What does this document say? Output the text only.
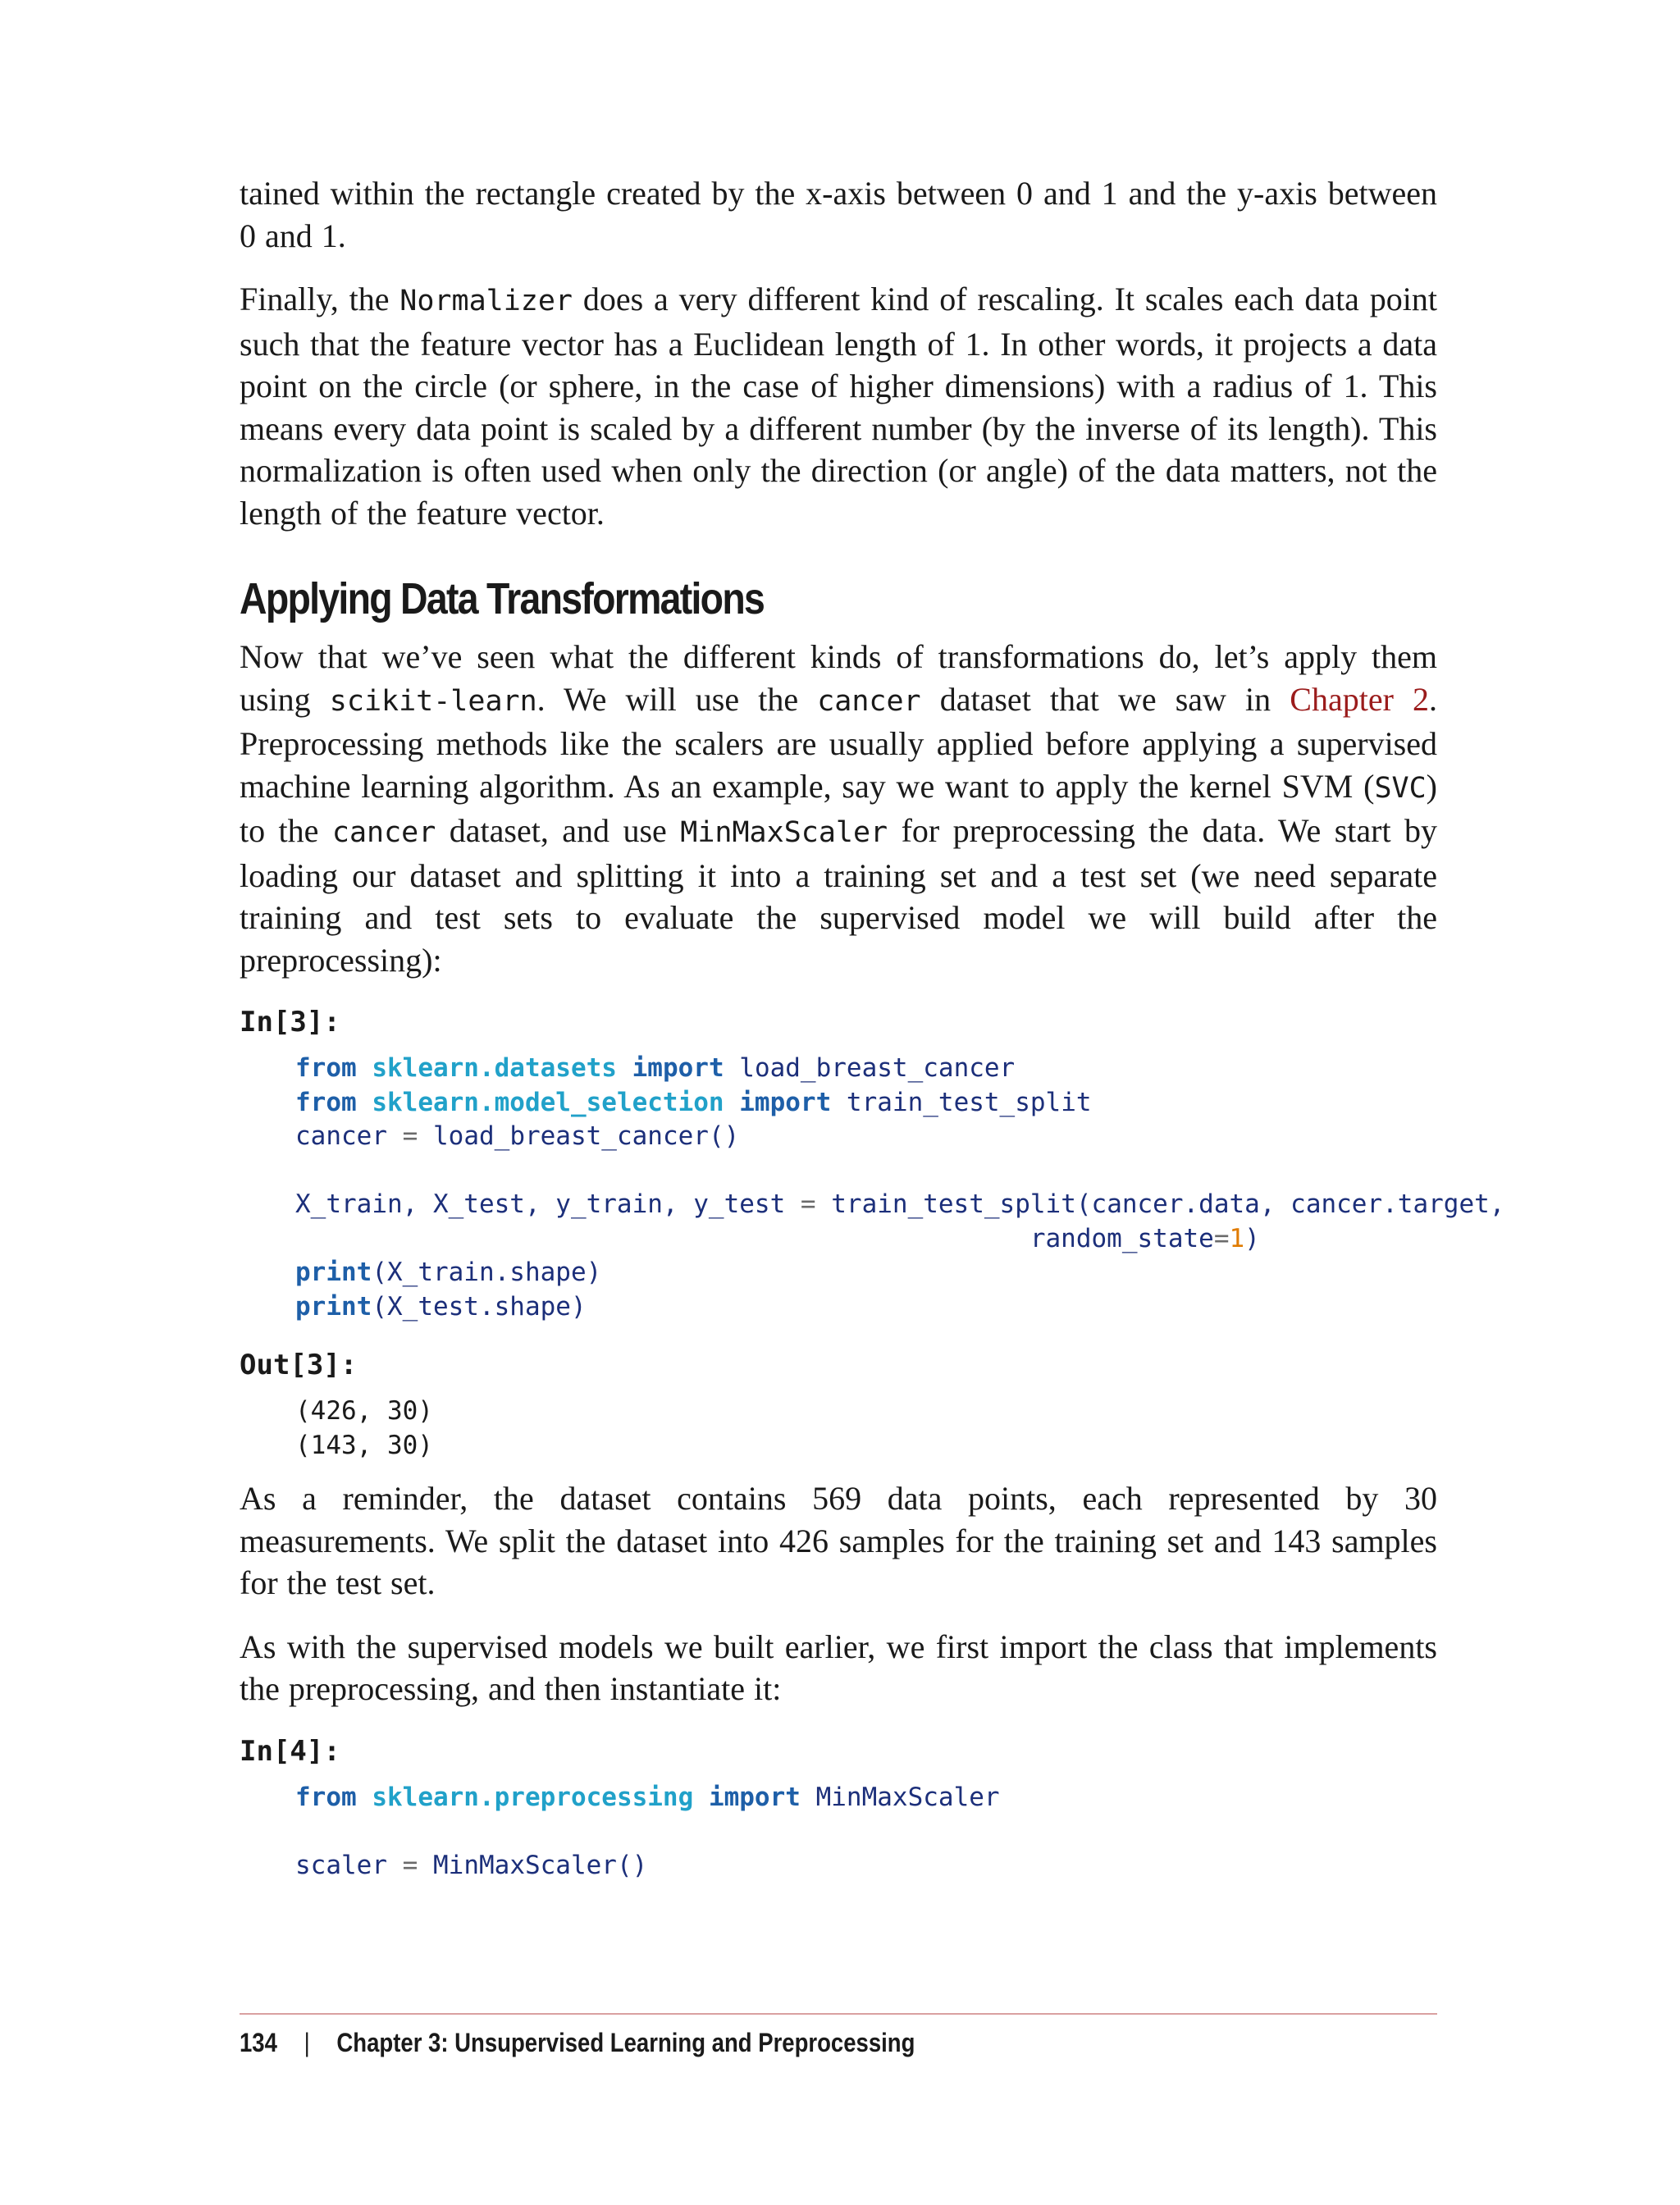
tained within the rectangle created by the x-axis between 0 and 1 and the y-axis between 0 and 1.

Finally, the Normalizer does a very different kind of rescaling. It scales each data point such that the feature vector has a Euclidean length of 1. In other words, it projects a data point on the circle (or sphere, in the case of higher dimensions) with a radius of 1. This means every data point is scaled by a different number (by the inverse of its length). This normalization is often used when only the direction (or angle) of the data matters, not the length of the feature vector.

Applying Data Transformations

Now that we’ve seen what the different kinds of transformations do, let’s apply them using scikit-learn. We will use the cancer dataset that we saw in Chapter 2. Preprocessing methods like the scalers are usually applied before applying a supervised machine learning algorithm. As an example, say we want to apply the kernel SVM (SVC) to the cancer dataset, and use MinMaxScaler for preprocessing the data. We start by loading our dataset and splitting it into a training set and a test set (we need separate training and test sets to evaluate the supervised model we will build after the preprocessing):

In[3]:
from sklearn.datasets import load_breast_cancer
from sklearn.model_selection import train_test_split
cancer = load_breast_cancer()

X_train, X_test, y_train, y_test = train_test_split(cancer.data, cancer.target,
random_state=1)
print(X_train.shape)
print(X_test.shape)
Out[3]:
(426, 30)
(143, 30)

As a reminder, the dataset contains 569 data points, each represented by 30 measurements. We split the dataset into 426 samples for the training set and 143 samples for the test set.

As with the supervised models we built earlier, we first import the class that implements the preprocessing, and then instantiate it:

In[4]:
from sklearn.preprocessing import MinMaxScaler

scaler = MinMaxScaler()
134 | Chapter 3: Unsupervised Learning and Preprocessing
